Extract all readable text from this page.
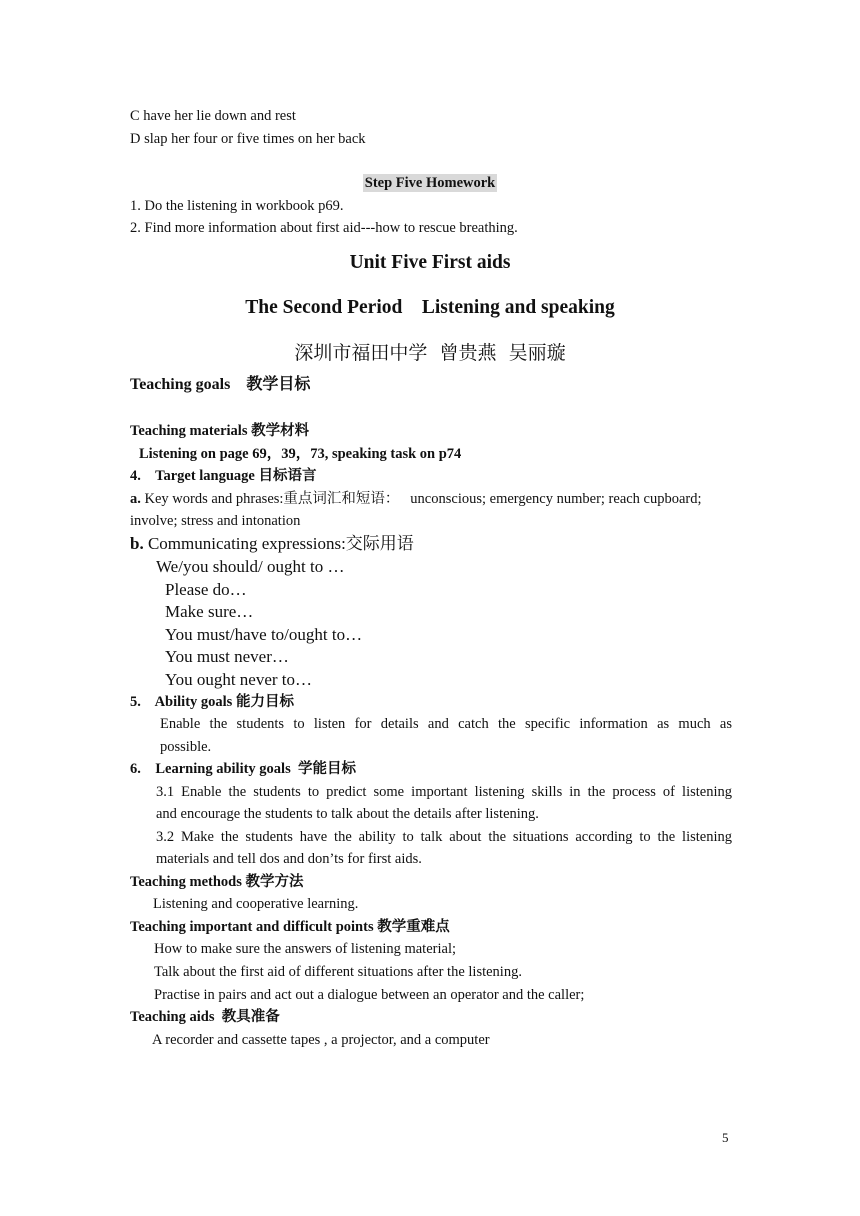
C have her lie down and rest
D slap her four or five times on her back
Step Five Homework
1. Do the listening in workbook p69.
2. Find more information about first aid---how to rescue breathing.
Unit Five First aids
The Second Period    Listening and speaking
深圳市福田中学  曾贵燕  吴丽璇
Teaching goals    教学目标
Teaching materials 教学材料
Listening on page 69，39，73, speaking task on p74
4.    Target language 目标语言
a. Key words and phrases:重点词汇和短语：   unconscious; emergency number; reach cupboard;
involve; stress and intonation
b. Communicating expressions:交际用语
We/you should/ ought to …
Please do…
Make sure…
You must/have to/ought to…
You must never…
You ought never to…
5.    Ability goals 能力目标
Enable the students to listen for details and catch the specific information as much as
possible.
6.    Learning ability goals  学能目标
3.1 Enable the students to predict some important listening skills in the process of listening
and encourage the students to talk about the details after listening.
3.2 Make the students have the ability to talk about the situations according to the listening
materials and tell dos and don’ts for first aids.
Teaching methods 教学方法
Listening and cooperative learning.
Teaching important and difficult points 教学重难点
How to make sure the answers of listening material;
Talk about the first aid of different situations after the listening.
Practise in pairs and act out a dialogue between an operator and the caller;
Teaching aids  教具准备
A recorder and cassette tapes , a projector, and a computer
5
